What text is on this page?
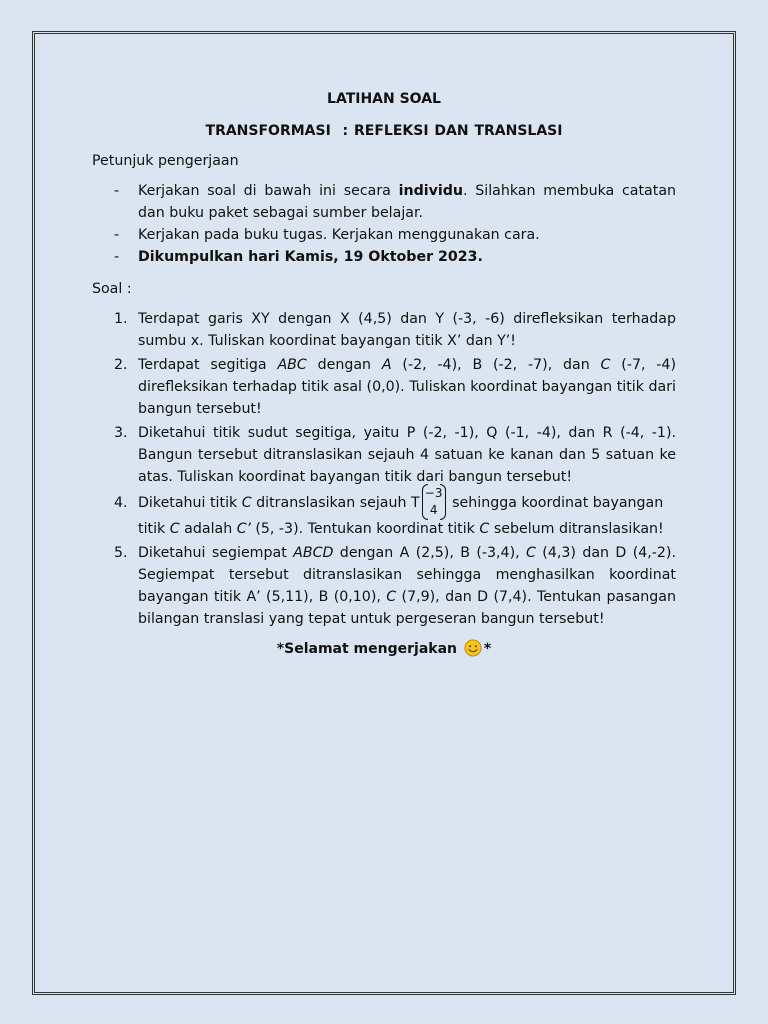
LATIHAN SOAL

TRANSFORMASI  : REFLEKSI DAN TRANSLASI

Petunjuk pengerjaan
- Kerjakan soal di bawah ini secara individu. Silahkan membuka catatan dan buku paket sebagai sumber belajar.
- Kerjakan pada buku tugas. Kerjakan menggunakan cara.
- Dikumpulkan hari Kamis, 19 Oktober 2023.
Soal :
1. Terdapat garis XY dengan X (4,5) dan Y (-3, -6) direfleksikan terhadap sumbu x. Tuliskan koordinat bayangan titik X’ dan Y’!
2. Terdapat segitiga ABC dengan A (-2, -4), B (-2, -7), dan C (-7, -4) direfleksikan terhadap titik asal (0,0). Tuliskan koordinat bayangan titik dari bangun tersebut!
3. Diketahui titik sudut segitiga, yaitu P (-2, -1), Q (-1, -4), dan R (-4, -1). Bangun tersebut ditranslasikan sejauh 4 satuan ke kanan dan 5 satuan ke atas. Tuliskan koordinat bayangan titik dari bangun tersebut!
4. Diketahui titik C ditranslasikan sejauh T
−3
4 sehingga koordinat bayangan
titik C adalah C’ (5, -3). Tentukan koordinat titik C sebelum ditranslasikan!
5. Diketahui segiempat ABCD dengan A (2,5), B (-3,4), C (4,3) dan D (4,-2). Segiempat tersebut ditranslasikan sehingga menghasilkan koordinat bayangan titik A’ (5,11), B (0,10), C (7,9), dan D (7,4). Tentukan pasangan bilangan translasi yang tepat untuk pergeseran bangun tersebut!
*Selamat mengerjakan *
